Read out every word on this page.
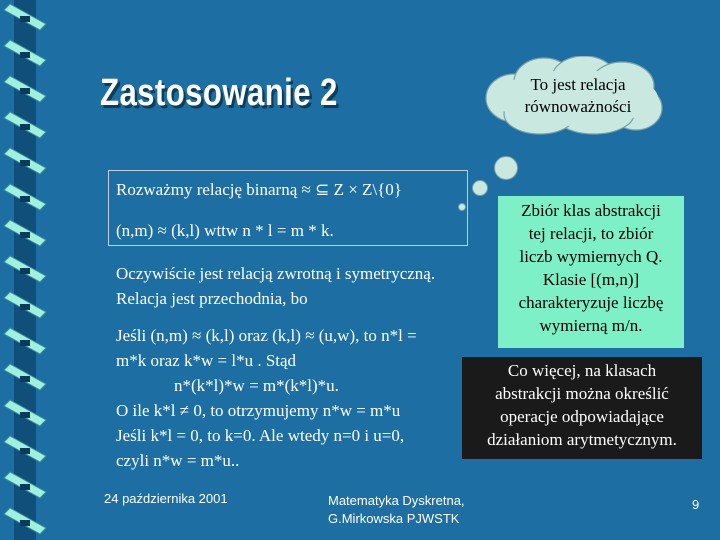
Zastosowanie 2	To jest relacja
równoważności
Rozważmy relację binarną ≈ ⊆ Z × Z\{0}
(n,m) ≈ (k,l) wttw n * l = m * k.
Oczywiście jest relacją zwrotną i symetryczną.
Relacja jest przechodnia, bo
Jeśli (n,m) ≈ (k,l) oraz (k,l) ≈ (u,w), to n*l =
m*k oraz k*w = l*u . Stąd
n*(k*l)*w = m*(k*l)*u.
O ile k*l ≠ 0, to otrzymujemy n*w = m*u
Jeśli k*l = 0, to k=0. Ale wtedy n=0 i u=0,
czyli n*w = m*u..
Zbiór klas abstrakcji
tej relacji, to zbiór
liczb wymiernych Q.
Klasie [(m,n)]
charakteryzuje liczbę
wymierną m/n.
Co więcej, na klasach
abstrakcji można określić
operacje odpowiadające
działaniom arytmetycznym.
24 października 2001	Matematyka Dyskretna,
G.Mirkowska PJWSTK
9
